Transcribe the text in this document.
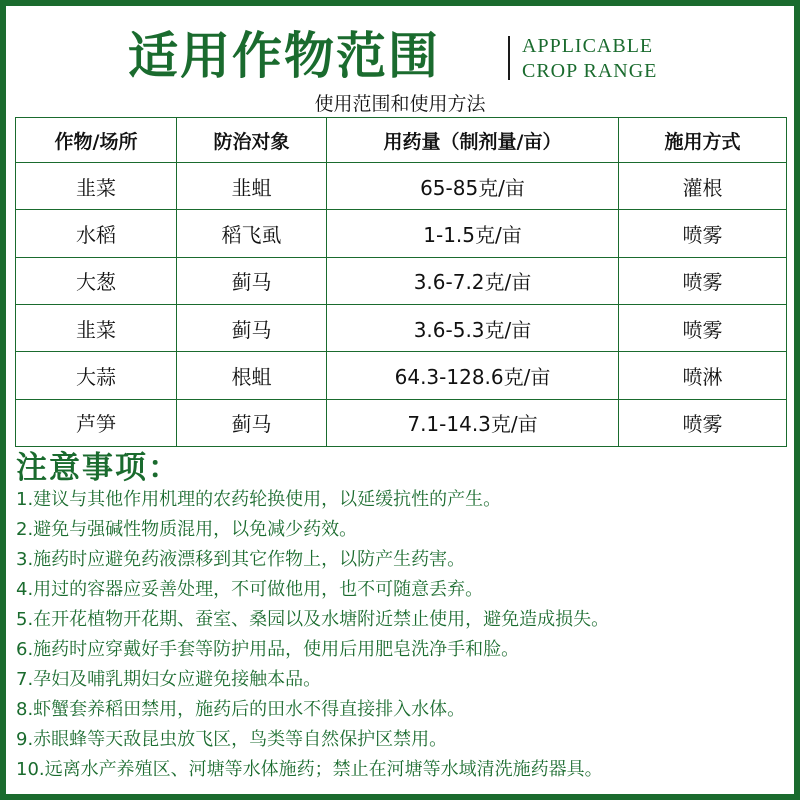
适用作物范围	APPLICABLE
CROP RANGE
使用范围和使用方法
作物/场所	防治对象	用药量（制剂量/亩）	施用方式
韭菜	韭蛆	65-85克/亩	灌根
水稻	稻飞虱	1-1.5克/亩	喷雾
大葱	蓟马	3.6-7.2克/亩	喷雾
韭菜	蓟马	3.6-5.3克/亩	喷雾
大蒜	根蛆	64.3-128.6克/亩	喷淋
芦笋	蓟马	7.1-14.3克/亩	喷雾
注意事项：
1.建议与其他作用机理的农药轮换使用，以延缓抗性的产生。
2.避免与强碱性物质混用，以免减少药效。
3.施药时应避免药液漂移到其它作物上，以防产生药害。
4.用过的容器应妥善处理，不可做他用，也不可随意丢弃。
5.在开花植物开花期、蚕室、桑园以及水塘附近禁止使用，避免造成损失。
6.施药时应穿戴好手套等防护用品，使用后用肥皂洗净手和脸。
7.孕妇及哺乳期妇女应避免接触本品。
8.虾蟹套养稻田禁用，施药后的田水不得直接排入水体。
9.赤眼蜂等天敌昆虫放飞区，鸟类等自然保护区禁用。
10.远离水产养殖区、河塘等水体施药；禁止在河塘等水域清洗施药器具。
